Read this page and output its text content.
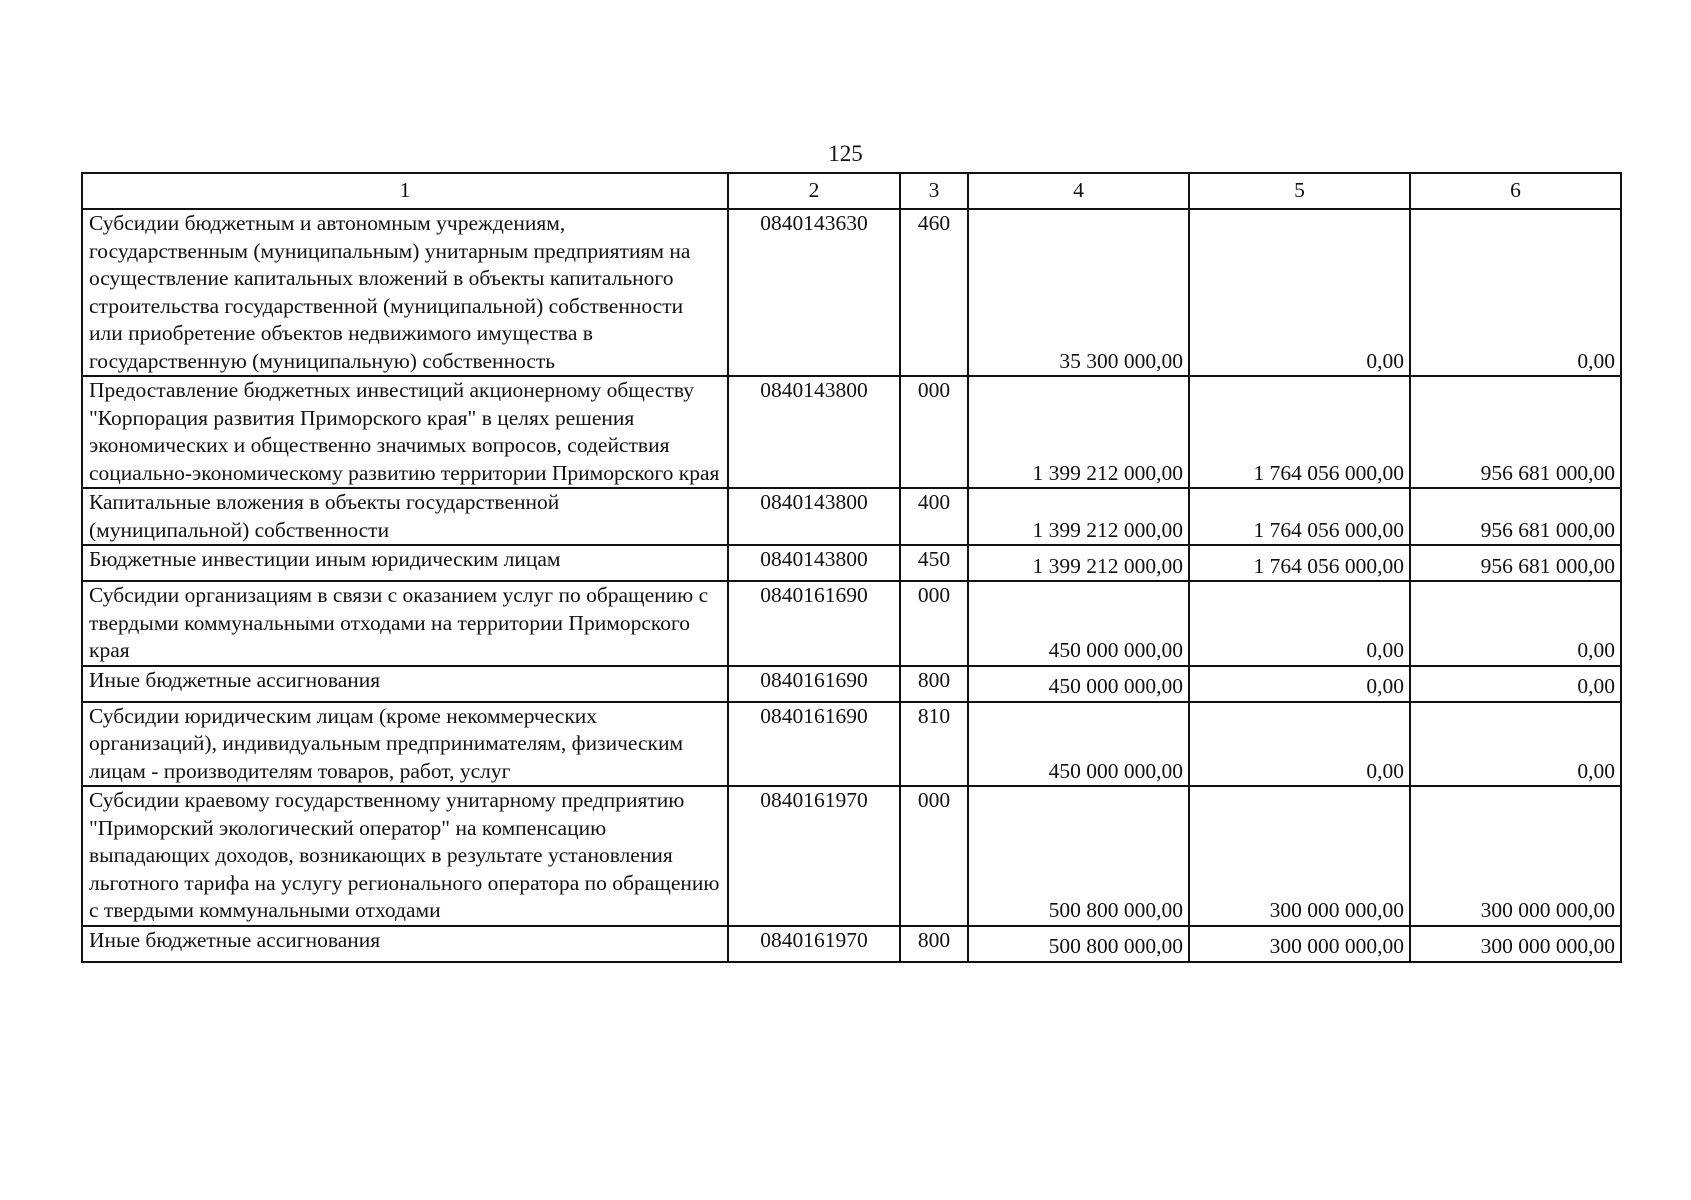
125
1	2	3	4	5	6
Субсидии бюджетным и автономным учреждениям, государственным (муниципальным) унитарным предприятиям на осуществление капитальных вложений в объекты капитального строительства государственной (муниципальной) собственности или приобретение объектов недвижимого имущества в государственную (муниципальную) собственность	0840143630	460	35 300 000,00	0,00	0,00
Предоставление бюджетных инвестиций акционерному обществу "Корпорация развития Приморского края" в целях решения экономических и общественно значимых вопросов, содействия социально-экономическому развитию территории Приморского края	0840143800	000	1 399 212 000,00	1 764 056 000,00	956 681 000,00
Капитальные вложения в объекты государственной (муниципальной) собственности	0840143800	400	1 399 212 000,00	1 764 056 000,00	956 681 000,00
Бюджетные инвестиции иным юридическим лицам	0840143800	450	1 399 212 000,00	1 764 056 000,00	956 681 000,00
Субсидии организациям в связи с оказанием услуг по обращению с твердыми коммунальными отходами на территории Приморского края	0840161690	000	450 000 000,00	0,00	0,00
Иные бюджетные ассигнования	0840161690	800	450 000 000,00	0,00	0,00
Субсидии юридическим лицам (кроме некоммерческих организаций), индивидуальным предпринимателям, физическим лицам - производителям товаров, работ, услуг	0840161690	810	450 000 000,00	0,00	0,00
Субсидии краевому государственному унитарному предприятию "Приморский экологический оператор" на компенсацию выпадающих доходов, возникающих в результате установления льготного тарифа на услугу регионального оператора по обращению с твердыми коммунальными отходами	0840161970	000	500 800 000,00	300 000 000,00	300 000 000,00
Иные бюджетные ассигнования	0840161970	800	500 800 000,00	300 000 000,00	300 000 000,00
